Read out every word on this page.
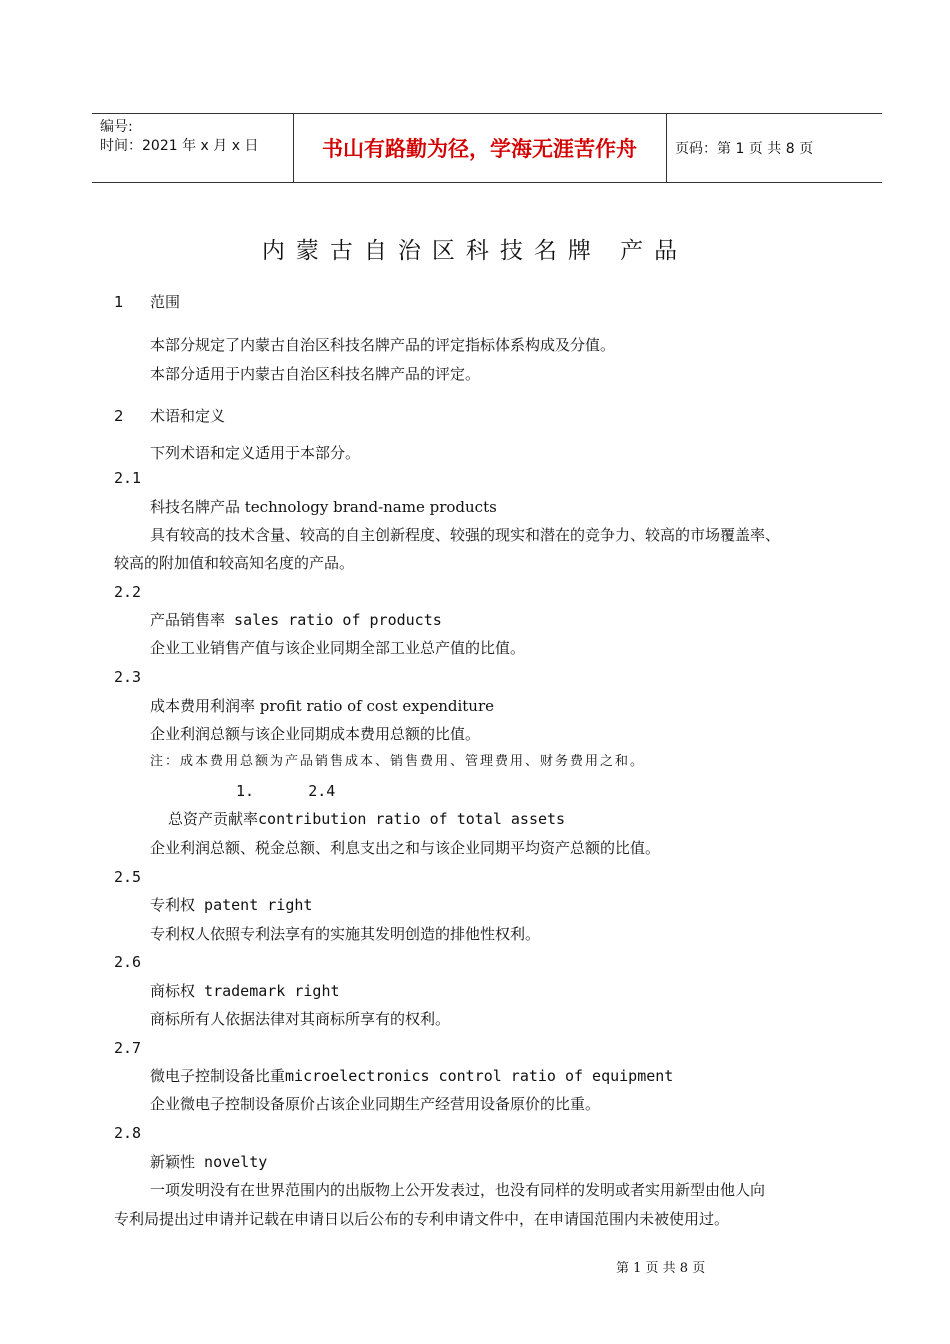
编号:
时间：2021 年 x 月 x 日	书山有路勤为径，学海无涯苦作舟	页码：第 1 页 共 8 页
内蒙古自治区科技名牌 产品
1 范围
本部分规定了内蒙古自治区科技名牌产品的评定指标体系构成及分值。
本部分适用于内蒙古自治区科技名牌产品的评定。
2 术语和定义
下列术语和定义适用于本部分。
2.1
科技名牌产品 technology brand-name products
具有较高的技术含量、较高的自主创新程度、较强的现实和潜在的竞争力、较高的市场覆盖率、
较高的附加值和较高知名度的产品。
2.2
产品销售率 sales ratio of products
企业工业销售产值与该企业同期全部工业总产值的比值。
2.3
成本费用利润率 profit ratio of cost expenditure
企业利润总额与该企业同期成本费用总额的比值。
注：成本费用总额为产品销售成本、销售费用、管理费用、财务费用之和。
1.      2.4
总资产贡献率contribution ratio of total assets
企业利润总额、税金总额、利息支出之和与该企业同期平均资产总额的比值。
2.5
专利权 patent right
专利权人依照专利法享有的实施其发明创造的排他性权利。
2.6
商标权 trademark right
商标所有人依据法律对其商标所享有的权利。
2.7
微电子控制设备比重microelectronics control ratio of equipment
企业微电子控制设备原价占该企业同期生产经营用设备原价的比重。
2.8
新颖性 novelty
一项发明没有在世界范围内的出版物上公开发表过，也没有同样的发明或者实用新型由他人向
专利局提出过申请并记载在申请日以后公布的专利申请文件中，在申请国范围内未被使用过。
第 1 页 共 8 页
